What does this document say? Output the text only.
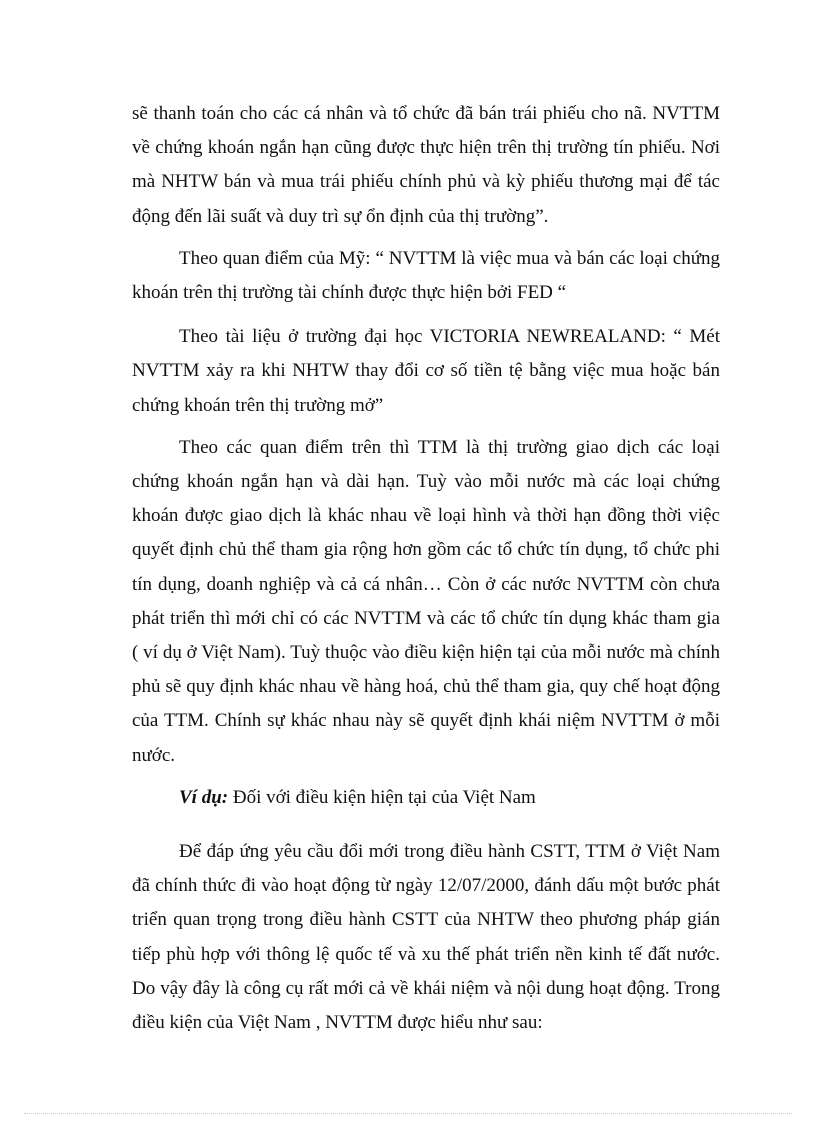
sẽ thanh toán cho các cá nhân và tổ chức đã bán trái phiếu cho nã. NVTTM về chứng khoán ngắn hạn cũng được thực hiện trên thị trường tín phiếu. Nơi mà NHTW bán và mua trái phiếu chính phủ và kỳ phiếu thương mại để tác động đến lãi suất và duy trì sự ổn định của thị trường”.

Theo quan điểm của Mỹ: “ NVTTM là việc mua và bán các loại chứng khoán trên thị trường tài chính được thực hiện bởi FED “

Theo tài liệu ở trường đại học VICTORIA NEWREALAND: “ Mét NVTTM xảy ra khi NHTW thay đổi cơ số tiền tệ bằng việc mua hoặc bán chứng khoán trên thị trường mở”

Theo các quan điểm trên thì TTM là thị trường giao dịch các loại chứng khoán ngắn hạn và dài hạn. Tuỳ vào mỗi nước mà các loại chứng khoán được giao dịch là khác nhau về loại hình và thời hạn đồng thời việc quyết định chủ thể tham gia rộng hơn gồm các tổ chức tín dụng, tổ chức phi tín dụng, doanh nghiệp và cả cá nhân… Còn ở các nước NVTTM còn chưa phát triển thì mới chỉ có các NVTTM và các tổ chức tín dụng khác tham gia ( ví dụ ở Việt Nam). Tuỳ thuộc vào điều kiện hiện tại của mỗi nước mà chính phủ sẽ quy định khác nhau về hàng hoá, chủ thể tham gia, quy chế hoạt động của TTM. Chính sự khác nhau này sẽ quyết định khái niệm NVTTM ở mỗi nước.

Ví dụ: Đối với điều kiện hiện tại của Việt Nam

Để đáp ứng yêu cầu đổi mới trong điều hành CSTT, TTM ở Việt Nam đã chính thức đi vào hoạt động từ ngày 12/07/2000, đánh dấu một bước phát triển quan trọng trong điều hành CSTT của NHTW theo phương pháp gián tiếp phù hợp với thông lệ quốc tế và xu thế phát triển nền kinh tế đất nước. Do vậy đây là công cụ rất mới cả về khái niệm và nội dung hoạt động. Trong điều kiện của Việt Nam , NVTTM được hiểu như sau:
